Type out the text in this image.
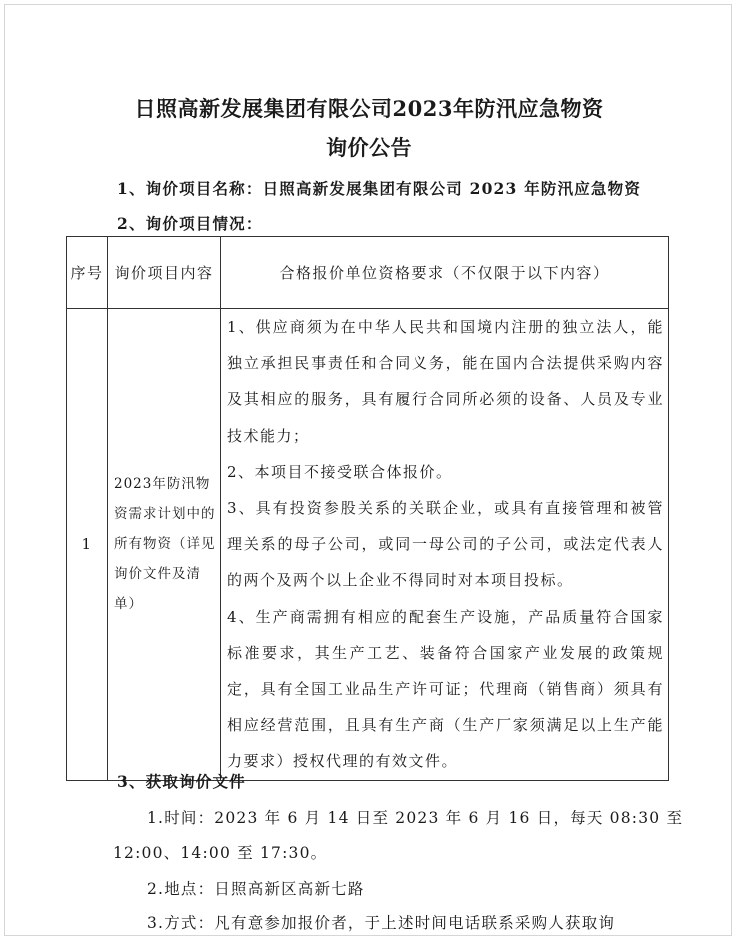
日照高新发展集团有限公司2023年防汛应急物资
询价公告
1、询价项目名称：日照高新发展集团有限公司 2023 年防汛应急物资
2、询价项目情况：
序号	询价项目内容	合格报价单位资格要求（不仅限于以下内容）
1	2023年防汛物资需求计划中的所有物资（详见询价文件及清单）	1、供应商须为在中华人民共和国境内注册的独立法人，能独立承担民事责任和合同义务，能在国内合法提供采购内容及其相应的服务，具有履行合同所必须的设备、人员及专业技术能力；
2、本项目不接受联合体报价。
3、具有投资参股关系的关联企业，或具有直接管理和被管理关系的母子公司，或同一母公司的子公司，或法定代表人的两个及两个以上企业不得同时对本项目投标。
4、生产商需拥有相应的配套生产设施，产品质量符合国家标准要求，其生产工艺、装备符合国家产业发展的政策规定，具有全国工业品生产许可证；代理商（销售商）须具有相应经营范围，且具有生产商（生产厂家须满足以上生产能力要求）授权代理的有效文件。
3、获取询价文件
1.时间：2023 年 6 月 14 日至 2023 年 6 月 16 日，每天 08:30 至
12:00、14:00 至 17:30。
2.地点：日照高新区高新七路
3.方式：凡有意参加报价者，于上述时间电话联系采购人获取询
